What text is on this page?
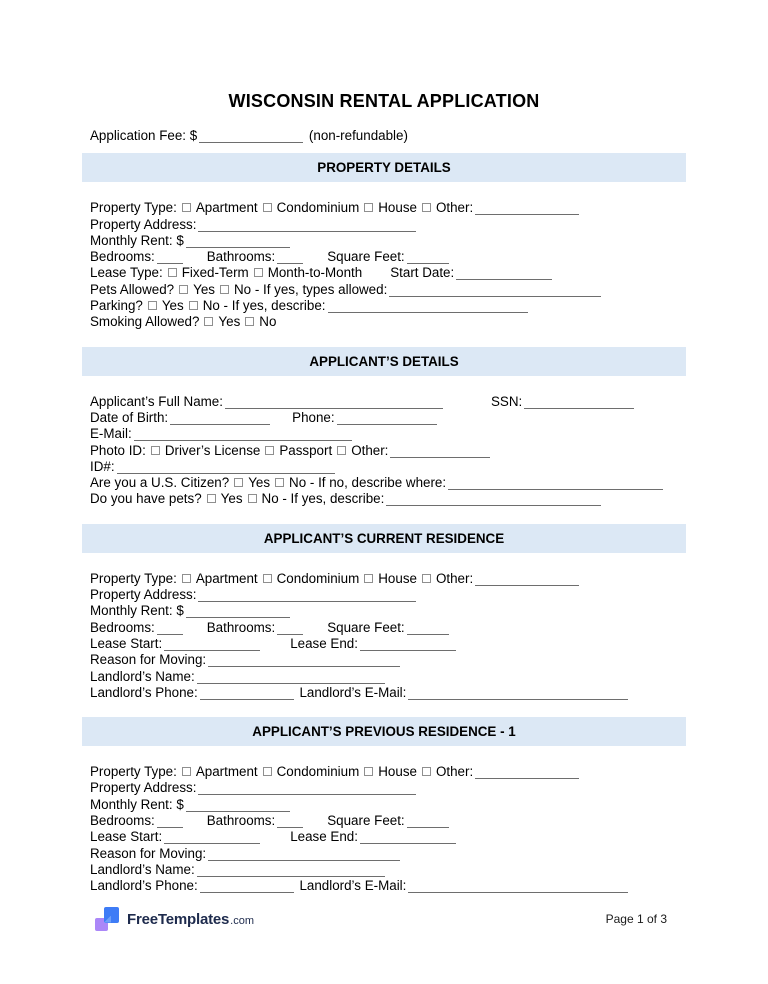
WISCONSIN RENTAL APPLICATION
Application Fee: $	(non-refundable)
PROPERTY DETAILS
Property Type: Apartment Condominium House Other:
Property Address:
Monthly Rent: $
Bedrooms:	Bathrooms:	Square Feet:
Lease Type: Fixed-Term Month-to-Month Start Date:
Pets Allowed? Yes No - If yes, types allowed:
Parking? Yes No - If yes, describe:
Smoking Allowed? Yes No
APPLICANT’S DETAILS
Applicant’s Full Name:	SSN:
Date of Birth:	Phone:
E-Mail:
Photo ID: Driver’s License Passport Other:
ID#:
Are you a U.S. Citizen? Yes No - If no, describe where:
Do you have pets? Yes No - If yes, describe:
APPLICANT’S CURRENT RESIDENCE
Property Type: Apartment Condominium House Other:
Property Address:
Monthly Rent: $
Bedrooms:	Bathrooms:	Square Feet:
Lease Start:	Lease End:
Reason for Moving:
Landlord’s Name:
Landlord’s Phone:	Landlord’s E-Mail:
APPLICANT’S PREVIOUS RESIDENCE - 1
Property Type: Apartment Condominium House Other:
Property Address:
Monthly Rent: $
Bedrooms:	Bathrooms:	Square Feet:
Lease Start:	Lease End:
Reason for Moving:
Landlord’s Name:
Landlord’s Phone:	Landlord’s E-Mail:
FreeTemplates .com	Page 1 of 3
